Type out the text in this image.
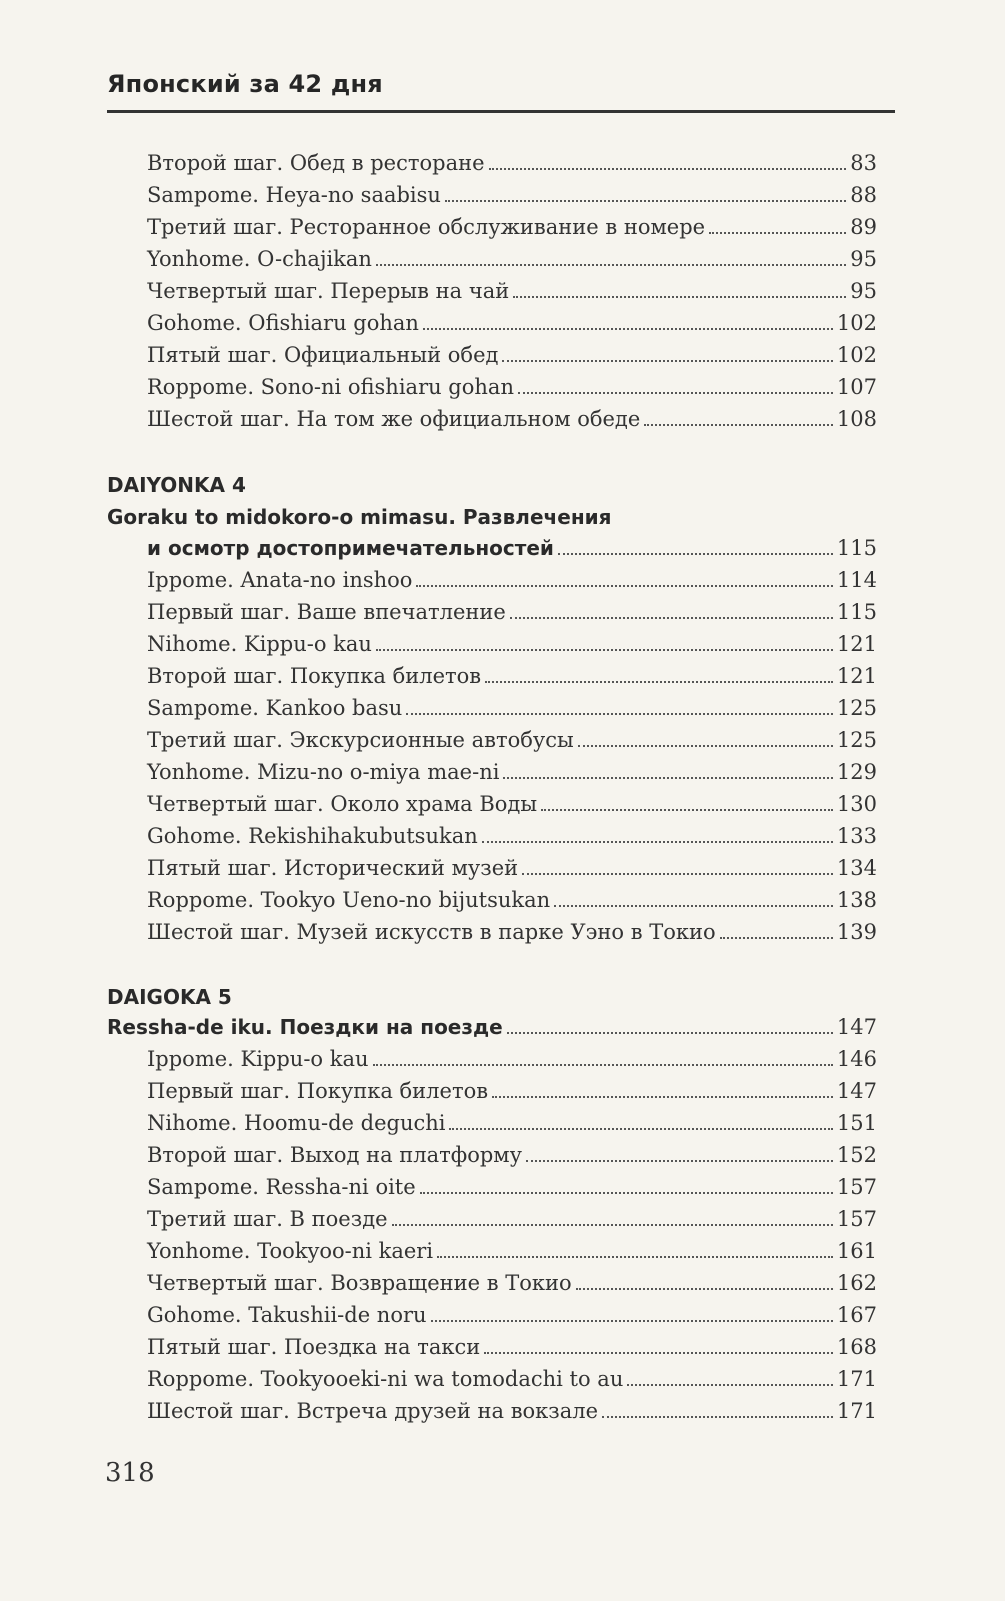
Японский за 42 дня
Второй шаг. Обед в ресторане	83
Sampome. Heya-no saabisu	88
Третий шаг. Ресторанное обслуживание в номере	89
Yonhome. O-chajikan	95
Четвертый шаг. Перерыв на чай	95
Gohome. Ofishiaru gohan	102
Пятый шаг. Официальный обед	102
Roppome. Sono-ni ofishiaru gohan	107
Шестой шаг. На том же официальном обеде	108
DAIYONKA 4
Goraku to midokoro-o mimasu. Развлечения
и осмотр достопримечательностей	115
Ippome. Anata-no inshoo	114
Первый шаг. Ваше впечатление	115
Nihome. Kippu-o kau	121
Второй шаг. Покупка билетов	121
Sampome. Kankoo basu	125
Третий шаг. Экскурсионные автобусы	125
Yonhome. Mizu-no o-miya mae-ni	129
Четвертый шаг. Около храма Воды	130
Gohome. Rekishihakubutsukan	133
Пятый шаг. Исторический музей	134
Roppome. Tookyo Ueno-no bijutsukan	138
Шестой шаг. Музей искусств в парке Уэно в Токио	139
DAIGOKA 5
Ressha-de iku. Поездки на поезде	147
Ippome. Kippu-o kau	146
Первый шаг. Покупка билетов	147
Nihome. Hoomu-de deguchi	151
Второй шаг. Выход на платформу	152
Sampome. Ressha-ni oite	157
Третий шаг. В поезде	157
Yonhome. Tookyoo-ni kaeri	161
Четвертый шаг. Возвращение в Токио	162
Gohome. Takushii-de noru	167
Пятый шаг. Поездка на такси	168
Roppome. Tookyooeki-ni wa tomodachi to au	171
Шестой шаг. Встреча друзей на вокзале	171
318
